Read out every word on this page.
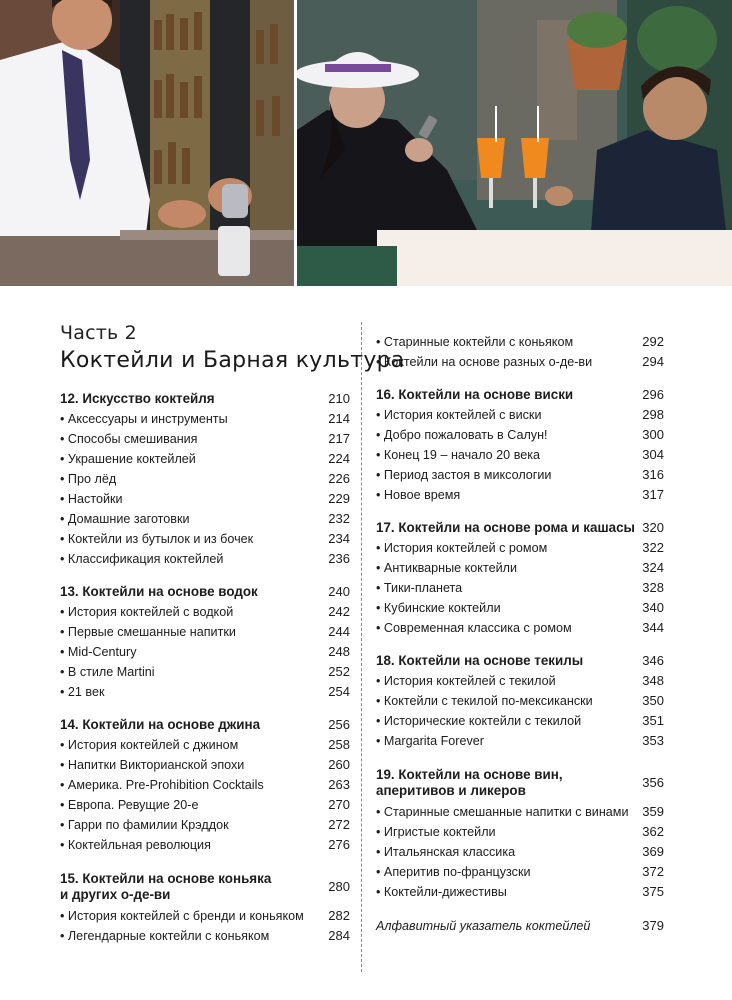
Часть 2
Коктейли и Барная культура
12. Искусство коктейля	210
• Аксессуары и инструменты	214
• Способы смешивания	217
• Украшение коктейлей	224
• Про лёд	226
• Настойки	229
• Домашние заготовки	232
• Коктейли из бутылок и из бочек	234
• Классификация коктейлей	236
13. Коктейли на основе водок	240
• История коктейлей с водкой	242
• Первые смешанные напитки	244
• Mid-Century	248
• В стиле Martini	252
• 21 век	254
14. Коктейли на основе джина	256
• История коктейлей с джином	258
• Напитки Викторианской эпохи	260
• Америка. Pre-Prohibition Cocktails	263
• Европа. Ревущие 20-е	270
• Гарри по фамилии Крэддок	272
• Коктейльная революция	276
15. Коктейли на основе коньяка
и других о-де-ви
280
• История коктейлей с бренди и коньяком 282
• Легендарные коктейли с коньяком	284
• Старинные коктейли с коньяком	292
• Коктейли на основе разных о-де-ви	294
16. Коктейли на основе виски	296
• История коктейлей с виски	298
• Добро пожаловать в Салун!	300
• Конец 19 – начало 20 века	304
• Период застоя в миксологии	316
• Новое время	317
17. Коктейли на основе рома и кашасы 320
• История коктейлей с ромом	322
• Антикварные коктейли	324
• Тики-планета	328
• Кубинские коктейли	340
• Современная классика с ромом	344
18. Коктейли на основе текилы	346
• История коктейлей с текилой	348
• Коктейли с текилой по-мексикански	350
• Исторические коктейли с текилой	351
• Margarita Forever	353
19. Коктейли на основе вин,
аперитивов и ликеров
356
• Старинные смешанные напитки с винами 359
• Игристые коктейли	362
• Итальянская классика	369
• Аперитив по-французски	372
• Коктейли-дижестивы	375
Алфавитный указатель коктейлей	379
